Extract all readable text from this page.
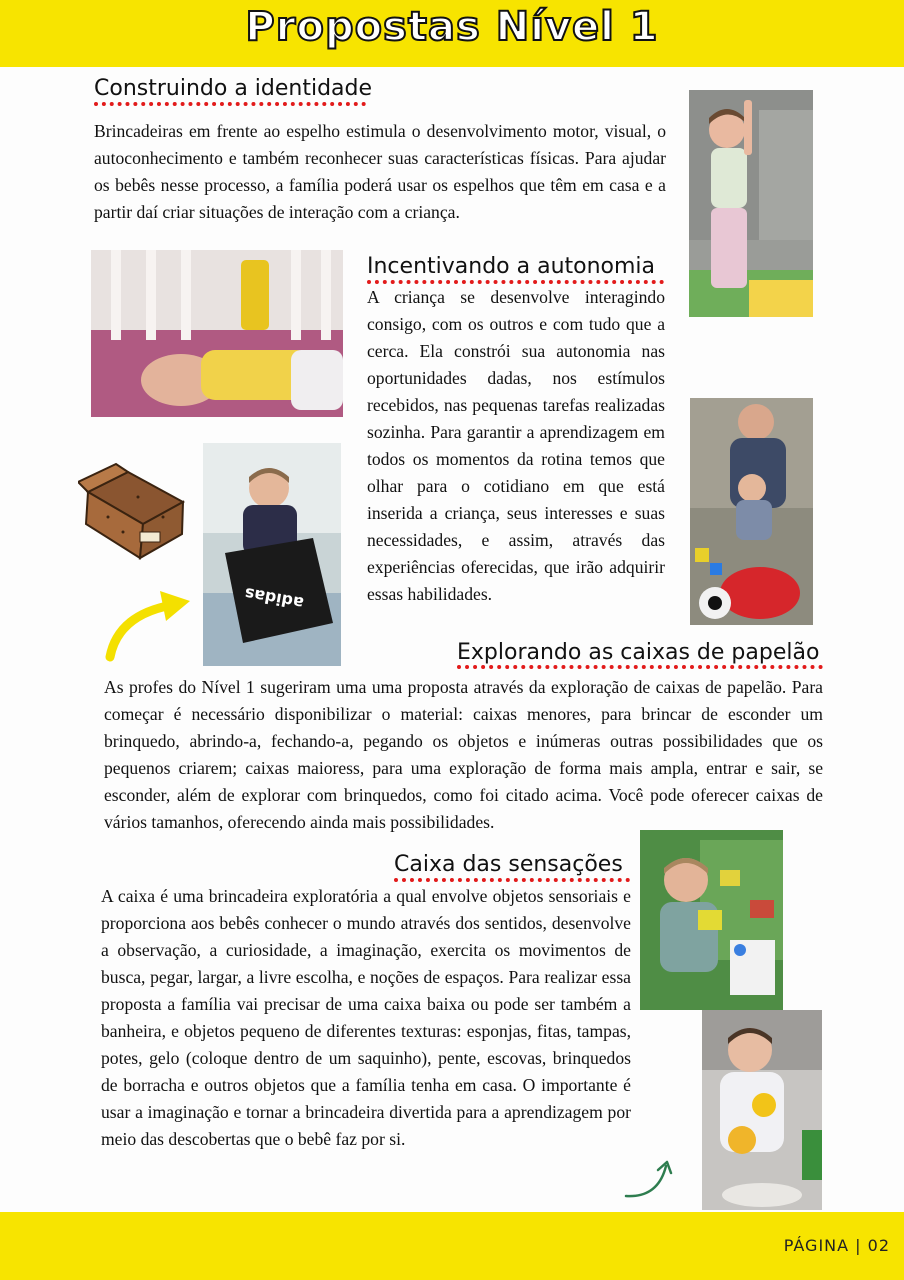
Propostas Nível 1
Construindo a identidade

Brincadeiras em frente ao espelho estimula o desenvolvimento motor, visual, o autoconhecimento e também reconhecer suas características físicas. Para ajudar os bebês nesse processo, a família poderá usar os espelhos que têm em casa e a partir daí criar situações de interação com a criança.

Incentivando a autonomia

A criança se desenvolve interagindo consigo, com os outros e com tudo que a cerca. Ela constrói sua autonomia nas oportunidades dadas, nos estímulos recebidos, nas pequenas tarefas realizadas sozinha. Para garantir a aprendizagem em todos os momentos da rotina temos que olhar para o cotidiano em que está inserida a criança, seus interesses e suas necessidades, e assim, através das experiências oferecidas, que irão adquirir essas habilidades.

adidas
Explorando as caixas de papelão

As profes do Nível 1 sugeriram uma uma proposta através da exploração de caixas de papelão. Para começar é necessário disponibilizar o material: caixas menores, para brincar de esconder um brinquedo, abrindo-a, fechando-a, pegando os objetos e inúmeras outras possibilidades que os pequenos criarem; caixas maioress, para uma exploração de forma mais ampla, entrar e sair, se esconder, além de explorar com brinquedos, como foi citado acima. Você pode oferecer caixas de vários tamanhos, oferecendo ainda mais possibilidades.

Caixa das sensações

A caixa é uma brincadeira exploratória a qual envolve objetos sensoriais e proporciona aos bebês conhecer o mundo através dos sentidos, desenvolve a observação, a curiosidade, a imaginação, exercita os movimentos de busca, pegar, largar, a livre escolha, e noções de espaços. Para realizar essa proposta a família vai precisar de uma caixa baixa ou pode ser também a banheira, e objetos pequeno de diferentes texturas: esponjas, fitas, tampas, potes, gelo (coloque dentro de um saquinho), pente, escovas, brinquedos de borracha e outros objetos que a família tenha em casa. O importante é usar a imaginação e tornar a brincadeira divertida para a aprendizagem por meio das descobertas que o bebê faz por si.

PÁGINA | 02
